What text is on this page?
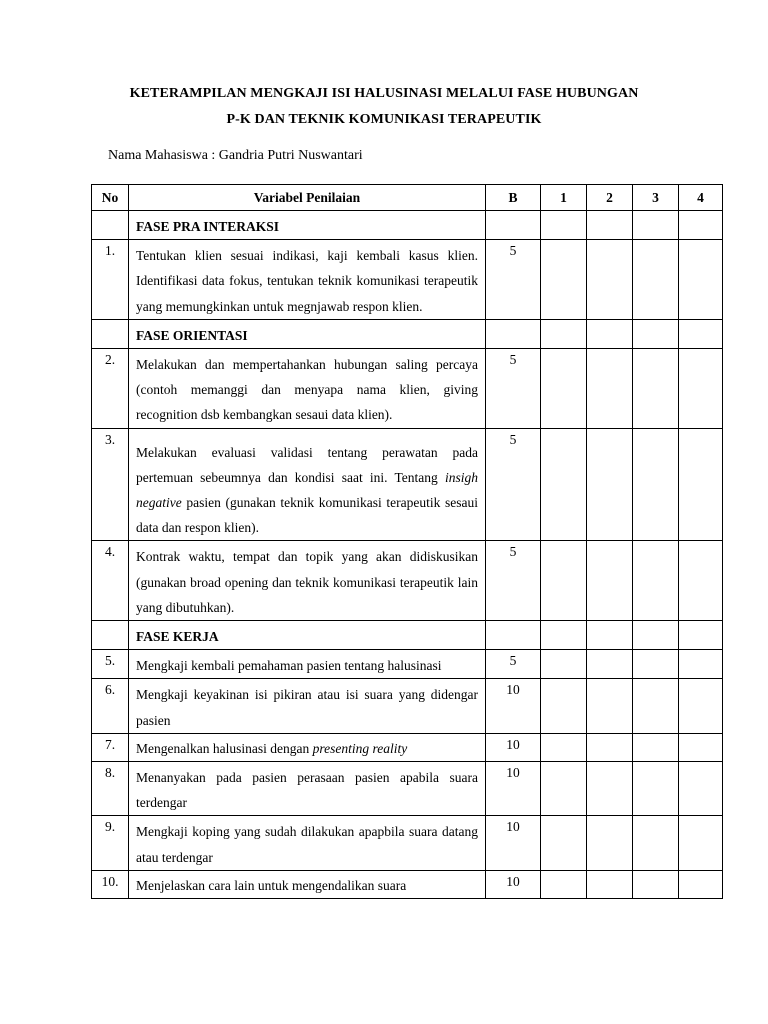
KETERAMPILAN MENGKAJI ISI HALUSINASI MELALUI FASE HUBUNGAN
P-K DAN TEKNIK KOMUNIKASI TERAPEUTIK
Nama Mahasiswa : Gandria Putri Nuswantari
No	Variabel Penilaian	B	1	2	3	4
	FASE PRA INTERAKSI					
1.	Tentukan klien sesuai indikasi, kaji kembali kasus klien. Identifikasi data fokus, tentukan teknik komunikasi terapeutik yang memungkinkan untuk megnjawab respon klien.	5				
	FASE ORIENTASI					
2.	Melakukan dan mempertahankan hubungan saling percaya (contoh memanggi dan menyapa nama klien, giving recognition dsb kembangkan sesaui data klien).	5				
3.	Melakukan evaluasi validasi tentang perawatan pada pertemuan sebeumnya dan kondisi saat ini. Tentang insigh negative pasien (gunakan teknik komunikasi terapeutik sesaui data dan respon klien).	5				
4.	Kontrak waktu, tempat dan topik yang akan didiskusikan (gunakan broad opening dan teknik komunikasi terapeutik lain yang dibutuhkan).	5				
	FASE KERJA					
5.	Mengkaji kembali pemahaman pasien tentang halusinasi	5				
6.	Mengkaji keyakinan isi pikiran atau isi suara yang didengar pasien	10				
7.	Mengenalkan halusinasi dengan presenting reality	10				
8.	Menanyakan pada pasien perasaan pasien apabila suara terdengar	10				
9.	Mengkaji koping yang sudah dilakukan apapbila suara datang atau terdengar	10				
10.	Menjelaskan cara lain untuk mengendalikan suara	10				
